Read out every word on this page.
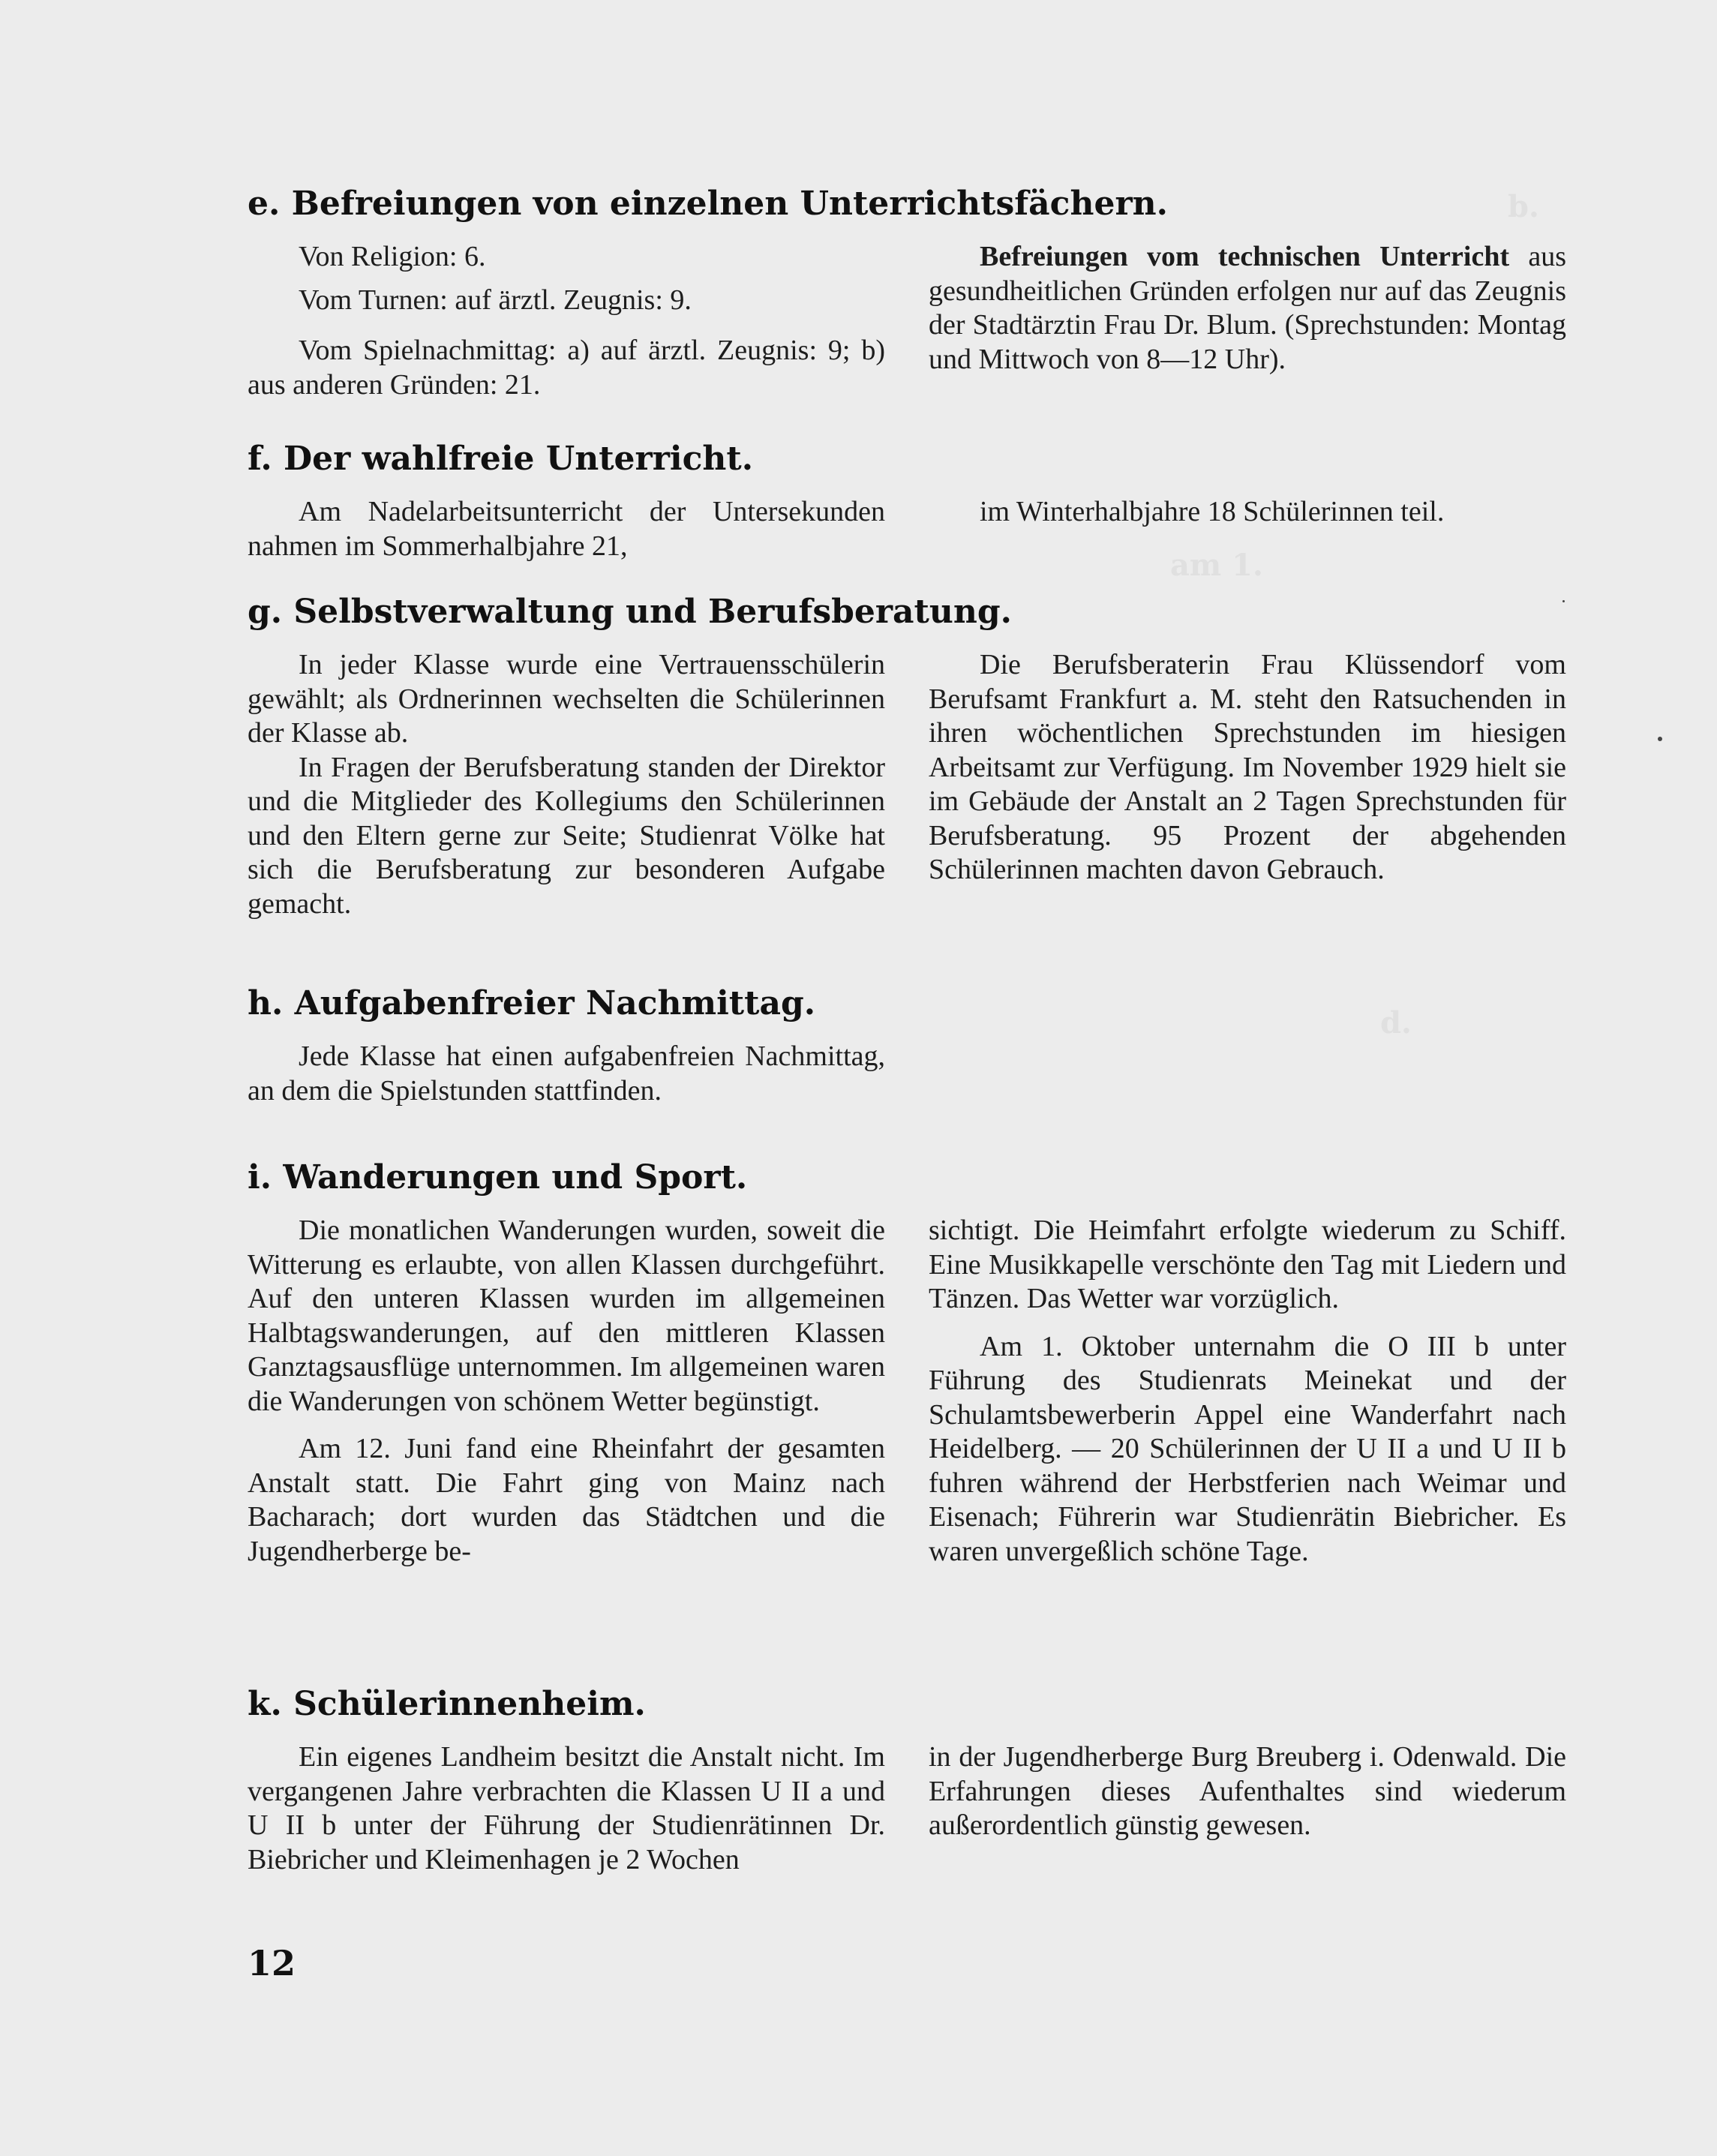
b.
am 1.
d.
e. Befreiungen von einzelnen Unterrichtsfächern.

Von Religion: 6.

Vom Turnen: auf ärztl. Zeugnis: 9.

Vom Spielnachmittag: a) auf ärztl. Zeugnis: 9; b) aus anderen Gründen: 21.

Befreiungen vom technischen Unterricht aus gesundheitlichen Gründen erfolgen nur auf das Zeugnis der Stadtärztin Frau Dr. Blum. (Sprechstunden: Montag und Mittwoch von 8—12 Uhr).

f. Der wahlfreie Unterricht.

Am Nadelarbeitsunterricht der Untersekunden nahmen im Sommerhalbjahre 21,

im Winterhalbjahre 18 Schülerinnen teil.

g. Selbstverwaltung und Berufsberatung.

In jeder Klasse wurde eine Vertrauensschülerin gewählt; als Ordnerinnen wechselten die Schülerinnen der Klasse ab.

In Fragen der Berufsberatung standen der Direktor und die Mitglieder des Kollegiums den Schülerinnen und den Eltern gerne zur Seite; Studienrat Völke hat sich die Berufsberatung zur besonderen Aufgabe gemacht.

Die Berufsberaterin Frau Klüssendorf vom Berufsamt Frankfurt a. M. steht den Ratsuchenden in ihren wöchentlichen Sprechstunden im hiesigen Arbeitsamt zur Verfügung. Im November 1929 hielt sie im Gebäude der Anstalt an 2 Tagen Sprechstunden für Berufsberatung. 95 Prozent der abgehenden Schülerinnen machten davon Gebrauch.

h. Aufgabenfreier Nachmittag.

Jede Klasse hat einen aufgabenfreien Nachmittag, an dem die Spielstunden stattfinden.

i. Wanderungen und Sport.

Die monatlichen Wanderungen wurden, soweit die Witterung es erlaubte, von allen Klassen durchgeführt. Auf den unteren Klassen wurden im allgemeinen Halbtagswanderungen, auf den mittleren Klassen Ganztagsausflüge unternommen. Im allgemeinen waren die Wanderungen von schönem Wetter begünstigt.

Am 12. Juni fand eine Rheinfahrt der gesamten Anstalt statt. Die Fahrt ging von Mainz nach Bacharach; dort wurden das Städtchen und die Jugendherberge be-

sichtigt. Die Heimfahrt erfolgte wiederum zu Schiff. Eine Musikkapelle verschönte den Tag mit Liedern und Tänzen. Das Wetter war vorzüglich.

Am 1. Oktober unternahm die O III b unter Führung des Studienrats Meinekat und der Schulamtsbewerberin Appel eine Wanderfahrt nach Heidelberg. — 20 Schülerinnen der U II a und U II b fuhren während der Herbstferien nach Weimar und Eisenach; Führerin war Studienrätin Biebricher. Es waren unvergeßlich schöne Tage.

k. Schülerinnenheim.

Ein eigenes Landheim besitzt die Anstalt nicht. Im vergangenen Jahre verbrachten die Klassen U II a und U II b unter der Führung der Studienrätinnen Dr. Biebricher und Kleimenhagen je 2 Wochen

in der Jugendherberge Burg Breuberg i. Odenwald. Die Erfahrungen dieses Aufenthaltes sind wiederum außerordentlich günstig gewesen.

12
